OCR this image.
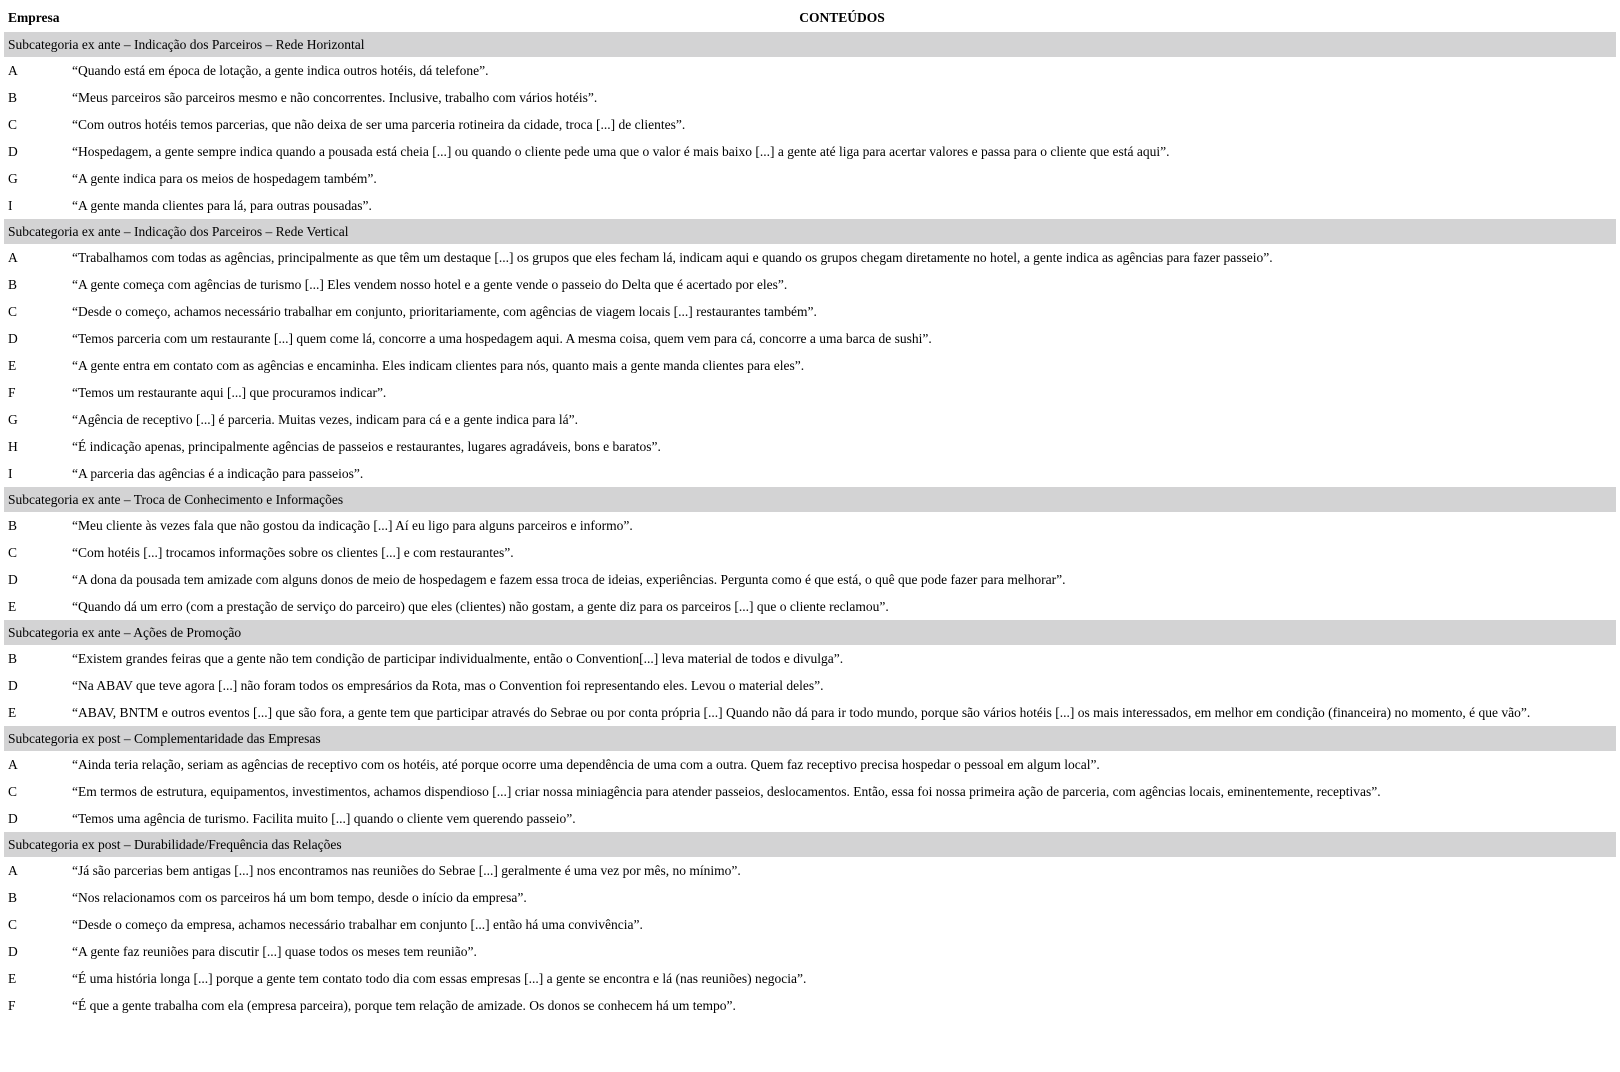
Empresa	CONTEÚDOS
Subcategoria ex ante – Indicação dos Parceiros – Rede Horizontal	
A	“Quando está em época de lotação, a gente indica outros hotéis, dá telefone”.
B	“Meus parceiros são parceiros mesmo e não concorrentes. Inclusive, trabalho com vários hotéis”.
C	“Com outros hotéis temos parcerias, que não deixa de ser uma parceria rotineira da cidade, troca [...] de clientes”.
D	“Hospedagem, a gente sempre indica quando a pousada está cheia [...] ou quando o cliente pede uma que o valor é mais baixo [...] a gente até liga para acertar valores e passa para o cliente que está aqui”.
G	“A gente indica para os meios de hospedagem também”.
I	“A gente manda clientes para lá, para outras pousadas”.
Subcategoria ex ante – Indicação dos Parceiros – Rede Vertical	
A	“Trabalhamos com todas as agências, principalmente as que têm um destaque [...] os grupos que eles fecham lá, indicam aqui e quando os grupos chegam diretamente no hotel, a gente indica as agências para fazer passeio”.
B	“A gente começa com agências de turismo [...] Eles vendem nosso hotel e a gente vende o passeio do Delta que é acertado por eles”.
C	“Desde o começo, achamos necessário trabalhar em conjunto, prioritariamente, com agências de viagem locais [...] restaurantes também”.
D	“Temos parceria com um restaurante [...] quem come lá, concorre a uma hospedagem aqui. A mesma coisa, quem vem para cá, concorre a uma barca de sushi”.
E	“A gente entra em contato com as agências e encaminha. Eles indicam clientes para nós, quanto mais a gente manda clientes para eles”.
F	“Temos um restaurante aqui [...] que procuramos indicar”.
G	“Agência de receptivo [...] é parceria. Muitas vezes, indicam para cá e a gente indica para lá”.
H	“É indicação apenas, principalmente agências de passeios e restaurantes, lugares agradáveis, bons e baratos”.
I	“A parceria das agências é a indicação para passeios”.
Subcategoria ex ante – Troca de Conhecimento e Informações	
B	“Meu cliente às vezes fala que não gostou da indicação [...] Aí eu ligo para alguns parceiros e informo”.
C	“Com hotéis [...] trocamos informações sobre os clientes [...] e com restaurantes”.
D	“A dona da pousada tem amizade com alguns donos de meio de hospedagem e fazem essa troca de ideias, experiências. Pergunta como é que está, o quê que pode fazer para melhorar”.
E	“Quando dá um erro (com a prestação de serviço do parceiro) que eles (clientes) não gostam, a gente diz para os parceiros [...] que o cliente reclamou”.
Subcategoria ex ante – Ações de Promoção	
B	“Existem grandes feiras que a gente não tem condição de participar individualmente, então o Convention[...] leva material de todos e divulga”.
D	“Na ABAV que teve agora [...] não foram todos os empresários da Rota, mas o Convention foi representando eles. Levou o material deles”.
E	“ABAV, BNTM e outros eventos [...] que são fora, a gente tem que participar através do Sebrae ou por conta própria [...] Quando não dá para ir todo mundo, porque são vários hotéis [...] os mais interessados, em melhor em condição (financeira) no momento, é que vão”.
Subcategoria ex post – Complementaridade das Empresas	
A	“Ainda teria relação, seriam as agências de receptivo com os hotéis, até porque ocorre uma dependência de uma com a outra. Quem faz receptivo precisa hospedar o pessoal em algum local”.
C	“Em termos de estrutura, equipamentos, investimentos, achamos dispendioso [...] criar nossa miniagência para atender passeios, deslocamentos. Então, essa foi nossa primeira ação de parceria, com agências locais, eminentemente, receptivas”.
D	“Temos uma agência de turismo. Facilita muito [...] quando o cliente vem querendo passeio”.
Subcategoria ex post – Durabilidade/Frequência das Relações	
A	“Já são parcerias bem antigas [...] nos encontramos nas reuniões do Sebrae [...] geralmente é uma vez por mês, no mínimo”.
B	“Nos relacionamos com os parceiros há um bom tempo, desde o início da empresa”.
C	“Desde o começo da empresa, achamos necessário trabalhar em conjunto [...] então há uma convivência”.
D	“A gente faz reuniões para discutir [...] quase todos os meses tem reunião”.
E	“É uma história longa [...] porque a gente tem contato todo dia com essas empresas [...] a gente se encontra e lá (nas reuniões) negocia”.
F	“É que a gente trabalha com ela (empresa parceira), porque tem relação de amizade. Os donos se conhecem há um tempo”.
